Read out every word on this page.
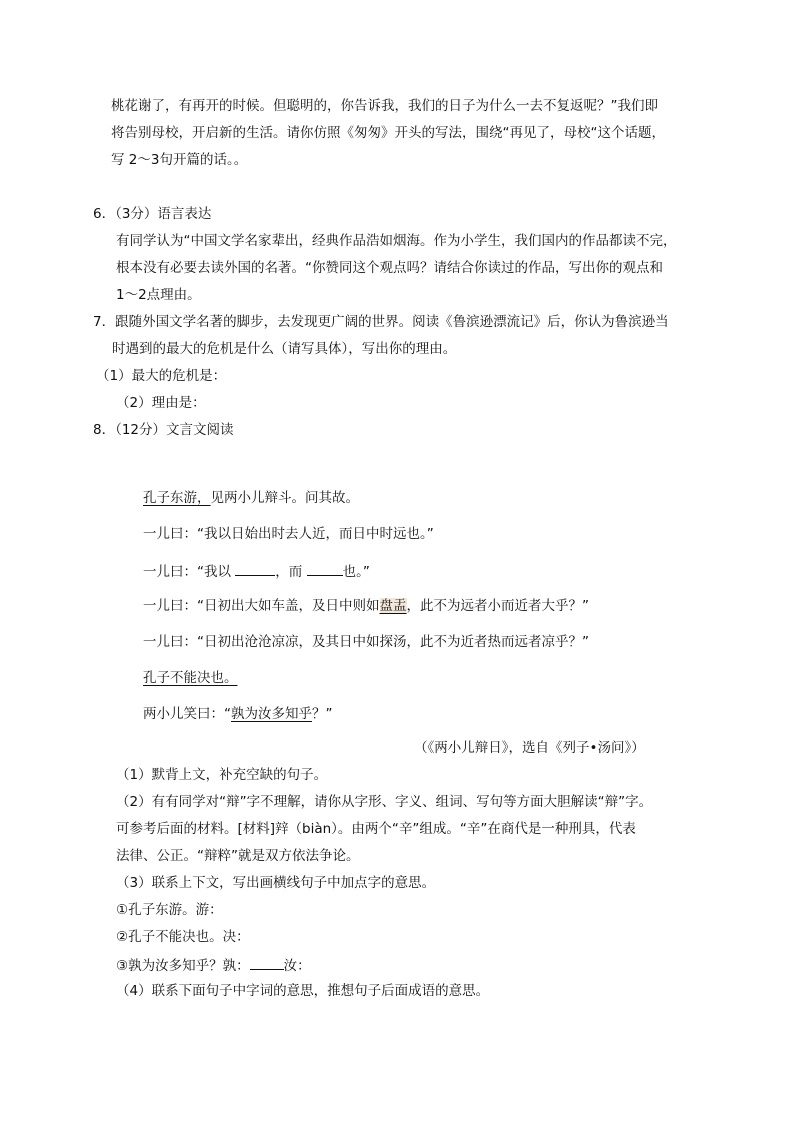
桃花谢了，有再开的时候。但聪明的，你告诉我，我们的日子为什么一去不复返呢？”我们即
将告别母校，开启新的生活。请你仿照《匆匆》开头的写法，围绕“再见了，母校“这个话题，
写 2～3句开篇的话。。
6．（3分）语言表达
有同学认为“中国文学名家辈出，经典作品浩如烟海。作为小学生，我们国内的作品都读不完，
根本没有必要去读外国的名著。“你赞同这个观点吗？请结合你读过的作品，写出你的观点和
1～2点理由。
7．跟随外国文学名著的脚步，去发现更广阔的世界。阅读《鲁滨逊漂流记》后，你认为鲁滨逊当
时遇到的最大的危机是什么（请写具体），写出你的理由。
（1）最大的危机是：
（2）理由是：
8．（12分）文言文阅读
孔子东游，见两小儿辩斗。问其故。
一儿曰：“我以日始出时去人近，而日中时远也。”
一儿曰：“我以	，而	也。”
一儿曰：“日初出大如车盖，及日中则如盘盂，此不为远者小而近者大乎？”
一儿曰：“日初出沧沧凉凉，及其日中如探汤，此不为近者热而远者凉乎？”
孔子不能决也。
两小儿笑曰：“孰为汝多知乎？”
（《两小儿辩日》，选自《列子•汤问》）
（1）默背上文，补充空缺的句子。
（2）有有同学对“辩”字不理解，请你从字形、字义、组词、写句等方面大胆解读“辩”字。
可参考后面的材料。[材料]辡（biàn）。由两个“辛”组成。“辛”在商代是一种刑具，代表
法律、公正。“辩粹”就是双方依法争论。
（3）联系上下文，写出画横线句子中加点字的意思。
①孔子东游。游：
②孔子不能决也。决：
③孰为汝多知乎？孰：	汝：
（4）联系下面句子中字词的意思，推想句子后面成语的意思。
